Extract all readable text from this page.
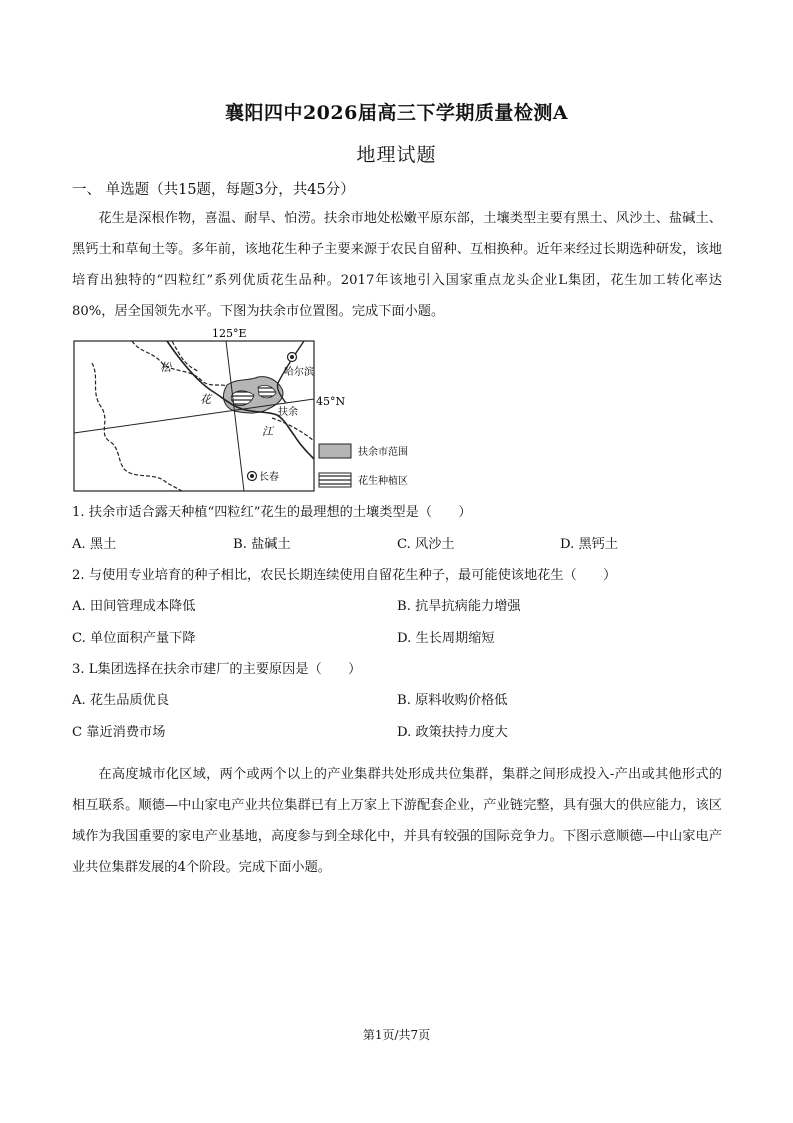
襄阳四中2026届高三下学期质量检测A
地理试题
一、 单选题（共15题，每题3分，共45分）

花生是深根作物，喜温、耐旱、怕涝。扶余市地处松嫩平原东部，土壤类型主要有黑土、风沙土、盐碱土、黑钙土和草甸土等。多年前，该地花生种子主要来源于农民自留种、互相换种。近年来经过长期选种研发，该地培育出独特的“四粒红”系列优质花生品种。2017年该地引入国家重点龙头企业L集团，花生加工转化率达80%，居全国领先水平。下图为扶余市位置图。完成下面小题。

125°E
45°N
松
花
江
哈尔滨
扶余
长春
扶余市范围
花生种植区
1. 扶余市适合露天种植“四粒红”花生的最理想的土壤类型是（　　）
A. 黑土	B. 盐碱土	C. 风沙土	D. 黑钙土
2. 与使用专业培育的种子相比，农民长期连续使用自留花生种子，最可能使该地花生（　　）
A. 田间管理成本降低	B. 抗旱抗病能力增强
C. 单位面积产量下降	D. 生长周期缩短
3. L集团选择在扶余市建厂的主要原因是（　　）
A. 花生品质优良	B. 原料收购价格低
C 靠近消费市场	D. 政策扶持力度大

在高度城市化区域，两个或两个以上的产业集群共处形成共位集群，集群之间形成投入-产出或其他形式的相互联系。顺德—中山家电产业共位集群已有上万家上下游配套企业，产业链完整，具有强大的供应能力，该区域作为我国重要的家电产业基地，高度参与到全球化中，并具有较强的国际竞争力。下图示意顺德—中山家电产业共位集群发展的4个阶段。完成下面小题。

第1页/共7页
